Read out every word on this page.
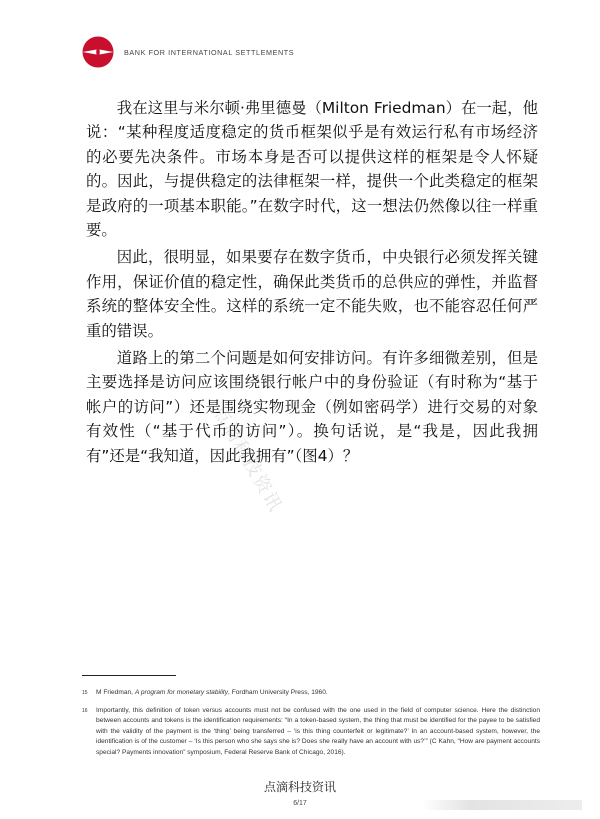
BANK FOR INTERNATIONAL SETTLEMENTS

我在这里与米尔顿·弗里德曼（Milton Friedman）在一起，他说：“某种程度适度稳定的货币框架似乎是有效运行私有市场经济的必要先决条件。市场本身是否可以提供这样的框架是令人怀疑的。因此，与提供稳定的法律框架一样，提供一个此类稳定的框架是政府的一项基本职能。”在数字时代，这一想法仍然像以往一样重要。

因此，很明显，如果要存在数字货币，中央银行必须发挥关键作用，保证价值的稳定性，确保此类货币的总供应的弹性，并监督系统的整体安全性。这样的系统一定不能失败，也不能容忍任何严重的错误。

道路上的第二个问题是如何安排访问。有许多细微差别，但是主要选择是访问应该围绕银行帐户中的身份验证（有时称为“基于帐户的访问”）还是围绕实物现金（例如密码学）进行交易的对象有效性（“基于代币的访问”）。换句话说，是“我是，因此我拥有”还是“我知道，因此我拥有”（图4）？

点滴科技资讯
15	M Friedman, A program for monetary stability, Fordham University Press, 1960.
16	Importantly, this definition of token versus accounts must not be confused with the one used in the field of computer science. Here the distinction between accounts and tokens is the identification requirements: “In a token-based system, the thing that must be identified for the payee to be satisfied with the validity of the payment is the ‘thing’ being transferred – ‘is this thing counterfeit or legitimate?’ In an account-based system, however, the identification is of the customer – ‘Is this person who she says she is? Does she really have an account with us?’” (C Kahn, “How are payment accounts special? Payments innovation” symposium, Federal Reserve Bank of Chicago, 2016).
点滴科技资讯
6/17
